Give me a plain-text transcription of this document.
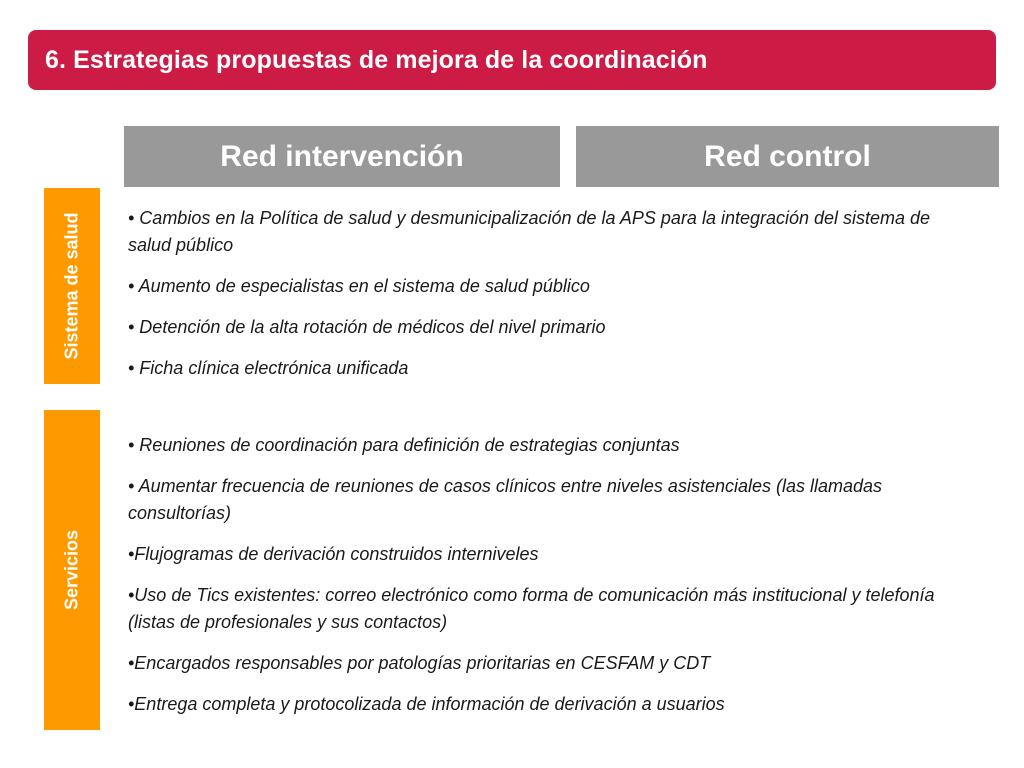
6. Estrategias propuestas de mejora de la coordinación
Red intervención	Red control
Sistema de salud	• Cambios en la Política de salud y desmunicipalización de la APS para la integración del sistema de salud público
• Aumento de especialistas en el sistema de salud público
• Detención de la alta rotación de médicos del nivel primario
• Ficha clínica electrónica unificada
Servicios
• Reuniones de coordinación para definición de estrategias conjuntas
• Aumentar frecuencia de reuniones de casos clínicos entre niveles asistenciales (las llamadas consultorías)
•Flujogramas de derivación construidos interniveles
•Uso de Tics existentes: correo electrónico como forma de comunicación más institucional y telefonía (listas de profesionales y sus contactos)
•Encargados responsables por patologías prioritarias en CESFAM y CDT
•Entrega completa y protocolizada de información de derivación a usuarios
